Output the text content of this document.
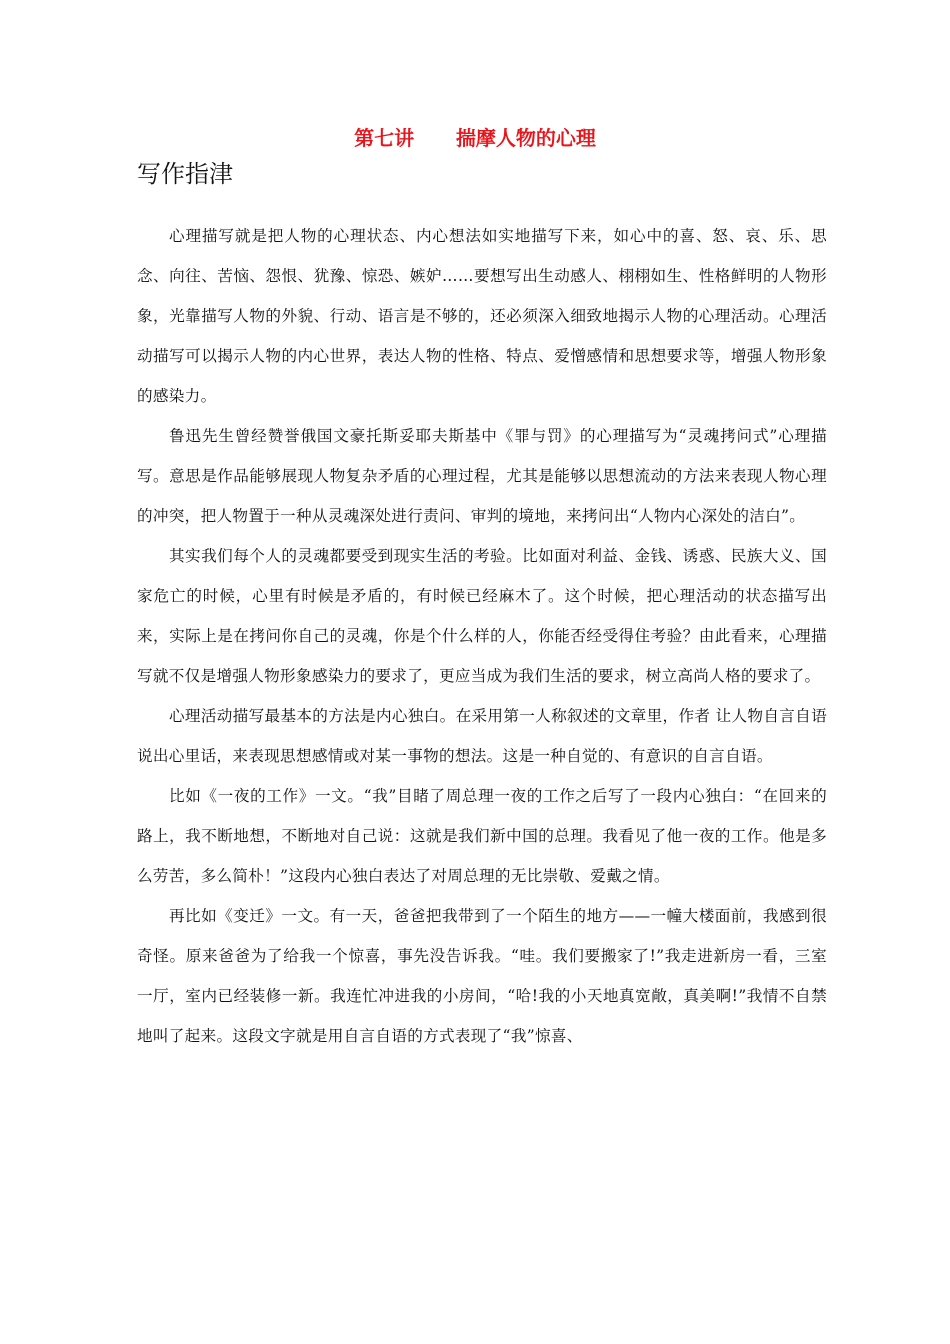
第七讲      揣摩人物的心理
写作指津

心理描写就是把人物的心理状态、内心想法如实地描写下来，如心中的喜、怒、哀、乐、思念、向往、苦恼、怨恨、犹豫、惊恐、嫉妒……要想写出生动感人、栩栩如生、性格鲜明的人物形象，光靠描写人物的外貌、行动、语言是不够的，还必须深入细致地揭示人物的心理活动。心理活动描写可以揭示人物的内心世界，表达人物的性格、特点、爱憎感情和思想要求等，增强人物形象的感染力。

鲁迅先生曾经赞誉俄国文豪托斯妥耶夫斯基中《罪与罚》的心理描写为“灵魂拷问式”心理描写。意思是作品能够展现人物复杂矛盾的心理过程，尤其是能够以思想流动的方法来表现人物心理的冲突，把人物置于一种从灵魂深处进行责问、审判的境地，来拷问出“人物内心深处的洁白”。

其实我们每个人的灵魂都要受到现实生活的考验。比如面对利益、金钱、诱惑、民族大义、国家危亡的时候，心里有时候是矛盾的，有时候已经麻木了。这个时候，把心理活动的状态描写出来，实际上是在拷问你自己的灵魂，你是个什么样的人，你能否经受得住考验？由此看来，心理描写就不仅是增强人物形象感染力的要求了，更应当成为我们生活的要求，树立高尚人格的要求了。

心理活动描写最基本的方法是内心独白。在采用第一人称叙述的文章里，作者 让人物自言自语说出心里话，来表现思想感情或对某一事物的想法。这是一种自觉的、有意识的自言自语。

比如《一夜的工作》一文。“我”目睹了周总理一夜的工作之后写了一段内心独白：“在回来的路上，我不断地想，不断地对自己说：这就是我们新中国的总理。我看见了他一夜的工作。他是多么劳苦，多么简朴！”这段内心独白表达了对周总理的无比崇敬、爱戴之情。

再比如《变迁》一文。有一天，爸爸把我带到了一个陌生的地方——一幢大楼面前，我感到很奇怪。原来爸爸为了给我一个惊喜，事先没告诉我。“哇。我们要搬家了!”我走进新房一看，三室一厅，室内已经装修一新。我连忙冲进我的小房间，“哈!我的小天地真宽敞，真美啊!”我情不自禁地叫了起来。这段文字就是用自言自语的方式表现了“我”惊喜、
